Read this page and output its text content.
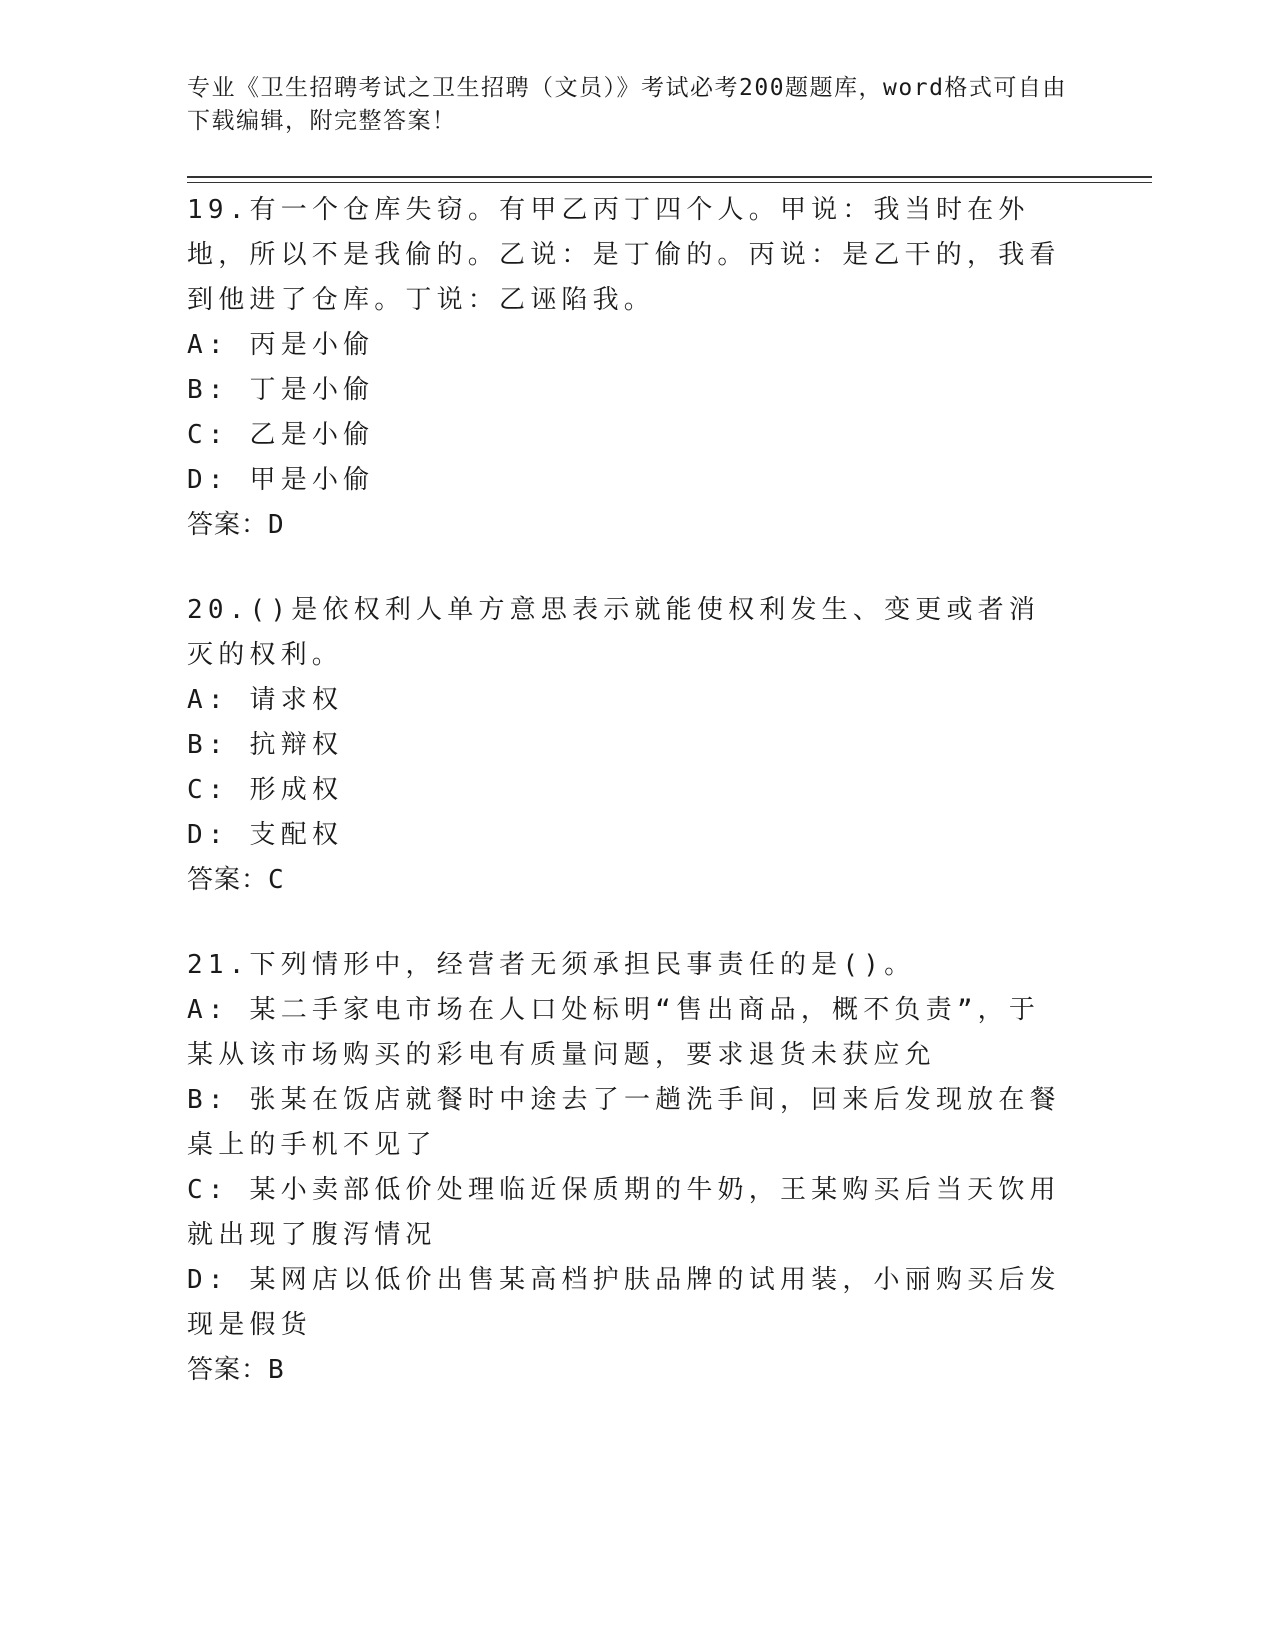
专业《卫生招聘考试之卫生招聘（文员）》考试必考200题题库，word格式可自由下载编辑，附完整答案！

19.有一个仓库失窃。有甲乙丙丁四个人。甲说：我当时在外地，所以不是我偷的。乙说：是丁偷的。丙说：是乙干的，我看到他进了仓库。丁说：乙诬陷我。

A: 丙是小偷

B: 丁是小偷

C: 乙是小偷

D: 甲是小偷

答案：D

20.()是依权利人单方意思表示就能使权利发生、变更或者消灭的权利。

A: 请求权

B: 抗辩权

C: 形成权

D: 支配权

答案：C

21.下列情形中，经营者无须承担民事责任的是()。

A: 某二手家电市场在人口处标明“售出商品，概不负责”，于某从该市场购买的彩电有质量问题，要求退货未获应允

B: 张某在饭店就餐时中途去了一趟洗手间，回来后发现放在餐桌上的手机不见了

C: 某小卖部低价处理临近保质期的牛奶，王某购买后当天饮用就出现了腹泻情况

D: 某网店以低价出售某高档护肤品牌的试用装，小丽购买后发现是假货

答案：B
